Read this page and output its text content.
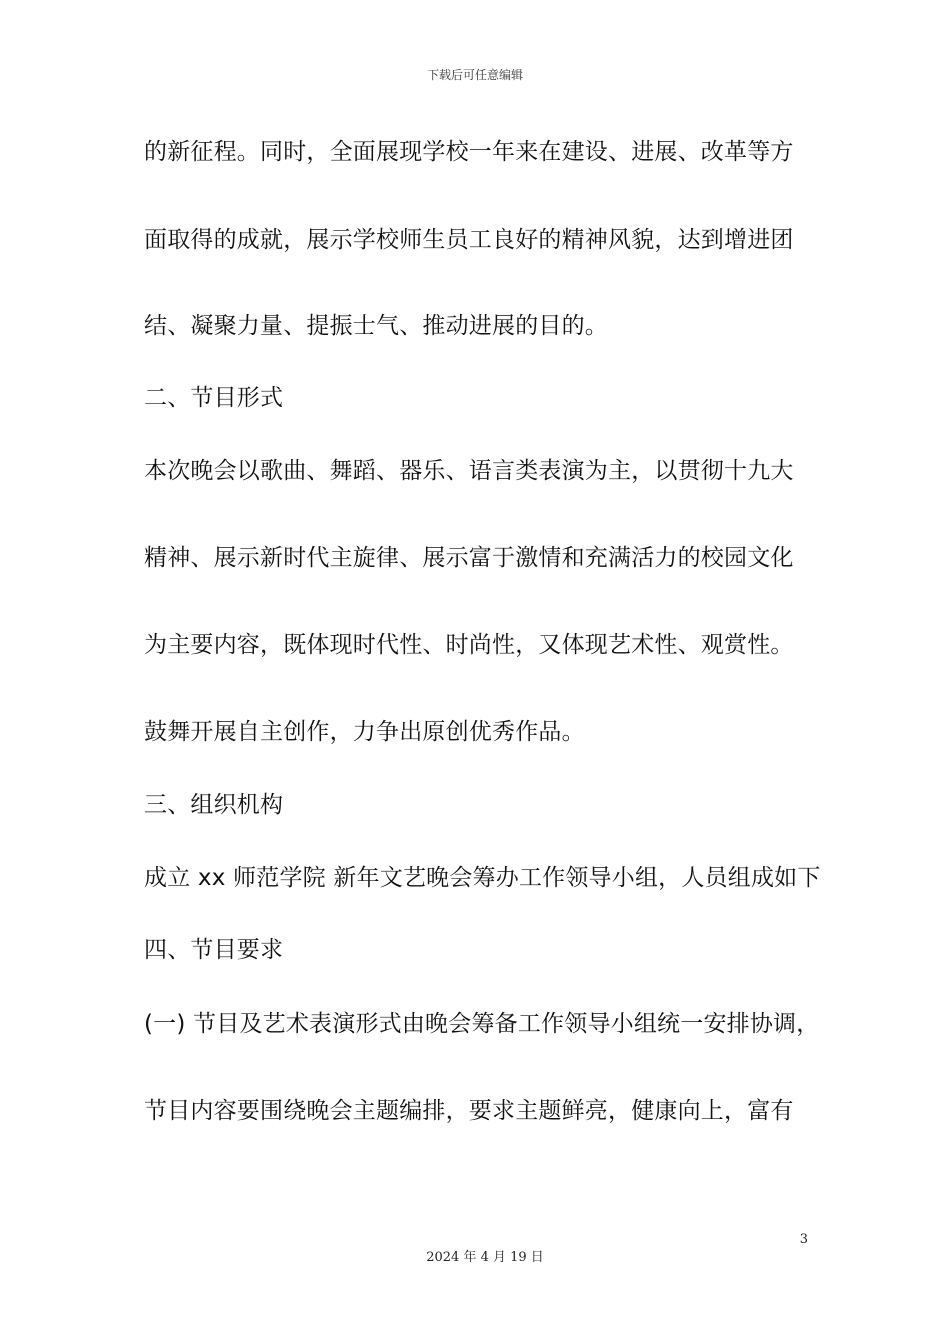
下载后可任意编辑
的新征程。同时，全面展现学校一年来在建设、进展、改革等方
面取得的成就，展示学校师生员工良好的精神风貌，达到增进团
结、凝聚力量、提振士气、推动进展的目的。
二、节目形式
本次晚会以歌曲、舞蹈、器乐、语言类表演为主，以贯彻十九大
精神、展示新时代主旋律、展示富于激情和充满活力的校园文化
为主要内容，既体现时代性、时尚性，又体现艺术性、观赏性。
鼓舞开展自主创作，力争出原创优秀作品。
三、组织机构
成立 xx 师范学院 新年文艺晚会筹办工作领导小组，人员组成如下
四、节目要求
(一) 节目及艺术表演形式由晚会筹备工作领导小组统一安排协调，
节目内容要围绕晚会主题编排，要求主题鲜亮，健康向上，富有
3
2024 年 4 月 19 日
